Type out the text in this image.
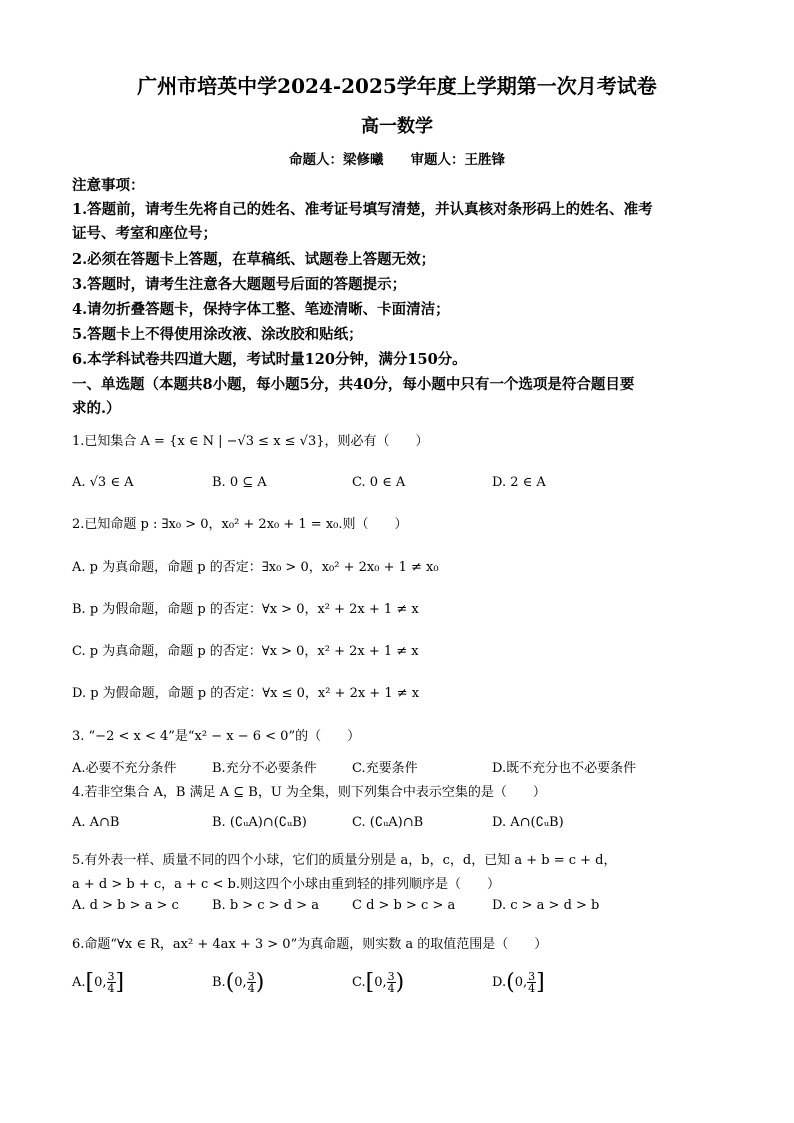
广州市培英中学2024-2025学年度上学期第一次月考试卷
高一数学
命题人：梁修曦　　审题人：王胜锋
注意事项：
1.答题前，请考生先将自己的姓名、准考证号填写清楚，并认真核对条形码上的姓名、准考
证号、考室和座位号；
2.必须在答题卡上答题，在草稿纸、试题卷上答题无效；
3.答题时，请考生注意各大题题号后面的答题提示；
4.请勿折叠答题卡，保持字体工整、笔迹清晰、卡面清洁；
5.答题卡上不得使用涂改液、涂改胶和贴纸；
6.本学科试卷共四道大题，考试时量120分钟，满分150分。
一、单选题（本题共8小题，每小题5分，共40分，每小题中只有一个选项是符合题目要
求的.）
1.已知集合 A = {x ∈ N | −√3 ≤ x ≤ √3}，则必有（　　）
A. √3 ∈ A	B. 0 ⊆ A	C. 0 ∈ A	D. 2 ∈ A
2.已知命题 p : ∃x₀ > 0，x₀² + 2x₀ + 1 = x₀.则（　　）
A. p 为真命题，命题 p 的否定：∃x₀ > 0，x₀² + 2x₀ + 1 ≠ x₀
B. p 为假命题，命题 p 的否定：∀x > 0，x² + 2x + 1 ≠ x
C. p 为真命题，命题 p 的否定：∀x > 0，x² + 2x + 1 ≠ x
D. p 为假命题，命题 p 的否定：∀x ≤ 0，x² + 2x + 1 ≠ x
3. “−2 < x < 4”是“x² − x − 6 < 0”的（　　）
A.必要不充分条件	B.充分不必要条件	C.充要条件	D.既不充分也不必要条件
4.若非空集合 A，B 满足 A ⊆ B，U 为全集，则下列集合中表示空集的是（　　）
A. A∩B	B. (∁ᵤA)∩(∁ᵤB)	C. (∁ᵤA)∩B	D. A∩(∁ᵤB)
5.有外表一样、质量不同的四个小球，它们的质量分别是 a，b，c，d，已知 a + b = c + d，
a + d > b + c，a + c < b.则这四个小球由重到轻的排列顺序是（　　）
A. d > b > a > c	B. b > c > d > a	C d > b > c > a	D. c > a > d > b
6.命题“∀x ∈ R，ax² + 4ax + 3 > 0”为真命题，则实数 a 的取值范围是（　　）
A.[0, $\frac{3}{4}$ ]	B.(0, $\frac{3}{4}$ )	C.[0, $\frac{3}{4}$ )	D.(0, $\frac{3}{4}$ ]
